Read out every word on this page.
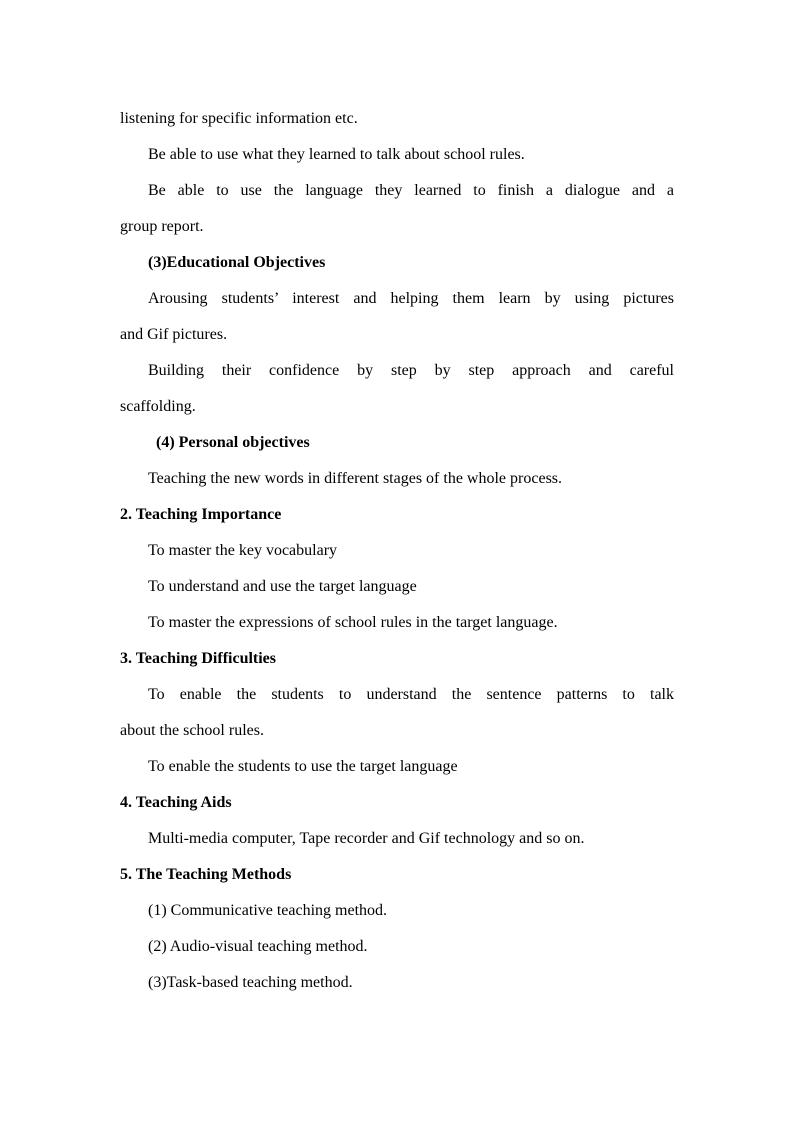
listening for specific information etc.
Be able to use what they learned to talk about school rules.
Be able to use the language they learned to finish a dialogue and a
group report.
(3)Educational Objectives
Arousing students’ interest and helping them learn by using pictures
and Gif pictures.
Building their confidence by step by step approach and careful
scaffolding.
(4) Personal objectives
Teaching the new words in different stages of the whole process.
2. Teaching Importance
To master the key vocabulary
To understand and use the target language
To master the expressions of school rules in the target language.
3. Teaching Difficulties
To enable the students to understand the sentence patterns to talk
about the school rules.
To enable the students to use the target language
4. Teaching Aids
Multi-media computer, Tape recorder and Gif technology and so on.
5. The Teaching Methods
(1) Communicative teaching method.
(2) Audio-visual teaching method.
(3)Task-based teaching method.
